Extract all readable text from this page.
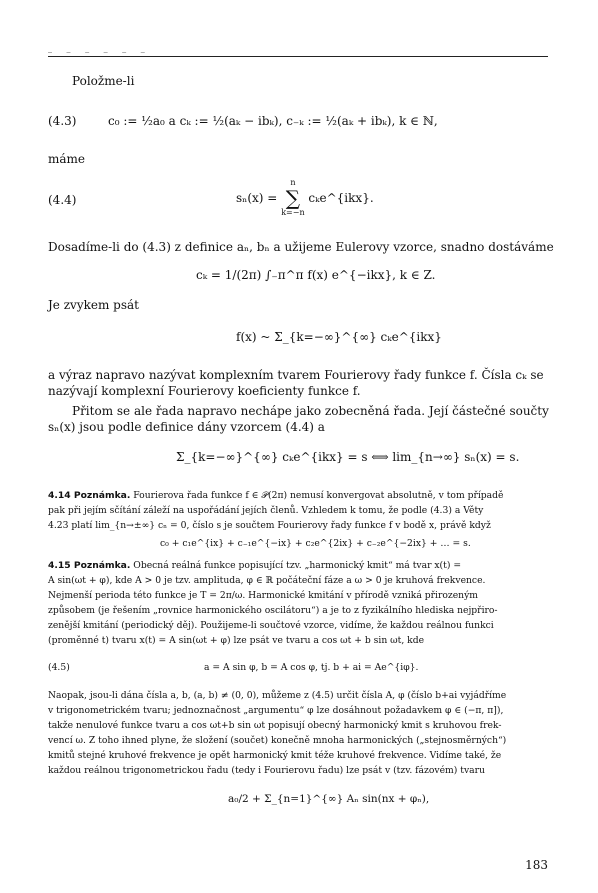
_ _ _ _ _ _
Položme-li
(4.3)	c₀ := ½a₀ a cₖ := ½(aₖ − ibₖ), c₋ₖ := ½(aₖ + ibₖ), k ∈ ℕ,
máme
(4.4)	sₙ(x) =
n
∑
k=−n
cₖe^{ikx}.
Dosadíme-li do (4.3) z definice aₙ, bₙ a užijeme Eulerovy vzorce, snadno dostáváme
cₖ = 1/(2π) ∫₋π^π f(x) e^{−ikx}, k ∈ Z.
Je zvykem psát
f(x) ~ Σ_{k=−∞}^{∞} cₖe^{ikx}
a výraz napravo nazývat komplexním tvarem Fourierovy řady funkce f. Čísla cₖ se
nazývají komplexní Fourierovy koeficienty funkce f.
Přitom se ale řada napravo nechápe jako zobecněná řada. Její částečné součty
sₙ(x) jsou podle definice dány vzorcem (4.4) a
Σ_{k=−∞}^{∞} cₖe^{ikx} = s ⟺ lim_{n→∞} sₙ(x) = s.
4.14 Poznámka. Fourierova řada funkce f ∈ 𝒫(2π) nemusí konvergovat absolutně, v tom případě
pak při jejím sčítání záleží na uspořádání jejích členů. Vzhledem k tomu, že podle (4.3) a Věty
4.23 platí lim_{n→±∞} cₙ = 0, číslo s je součtem Fourierovy řady funkce f v bodě x, právě když
c₀ + c₁e^{ix} + c₋₁e^{−ix} + c₂e^{2ix} + c₋₂e^{−2ix} + … = s.
4.15 Poznámka. Obecná reálná funkce popisující tzv. „harmonický kmit“ má tvar x(t) =
A sin(ωt + φ), kde A > 0 je tzv. amplituda, φ ∈ ℝ počáteční fáze a ω > 0 je kruhová frekvence.
Nejmenší perioda této funkce je T = 2π/ω. Harmonické kmitání v přírodě vzniká přirozeným
způsobem (je řešením „rovnice harmonického oscilátoru“) a je to z fyzikálního hlediska nejpřiro-
zenější kmitání (periodický děj). Použijeme-li součtové vzorce, vidíme, že každou reálnou funkci
(proměnné t) tvaru x(t) = A sin(ωt + φ) lze psát ve tvaru a cos ωt + b sin ωt, kde
(4.5)	a = A sin φ, b = A cos φ, tj. b + ai = Ae^{iφ}.
Naopak, jsou-li dána čísla a, b, (a, b) ≠ (0, 0), můžeme z (4.5) určit čísla A, φ (číslo b+ai vyjádříme
v trigonometrickém tvaru; jednoznačnost „argumentu“ φ lze dosáhnout požadavkem φ ∈ (−π, π]),
takže nenulové funkce tvaru a cos ωt+b sin ωt popisují obecný harmonický kmit s kruhovou frek-
vencí ω. Z toho ihned plyne, že složení (součet) konečně mnoha harmonických („stejnosměrných“)
kmitů stejné kruhové frekvence je opět harmonický kmit téže kruhové frekvence. Vidíme také, že
každou reálnou trigonometrickou řadu (tedy i Fourierovu řadu) lze psát v (tzv. fázovém) tvaru
a₀/2 + Σ_{n=1}^{∞} Aₙ sin(nx + φₙ),
183
